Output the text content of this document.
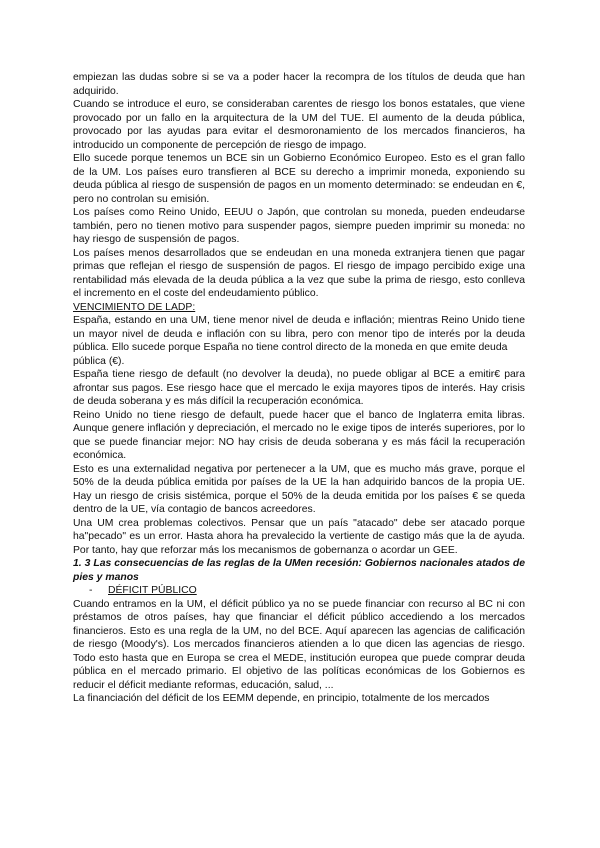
empiezan las dudas sobre si se va a poder hacer la recompra de los títulos de deuda que han adquirido.

Cuando se introduce el euro, se consideraban carentes de riesgo los bonos estatales, que viene provocado por un fallo en la arquitectura de la UM del TUE. El aumento de la deuda pública, provocado por las ayudas para evitar el desmoronamiento de los mercados financieros, ha introducido un componente de percepción de riesgo de impago.

Ello sucede porque tenemos un BCE sin un Gobierno Económico Europeo. Esto es el gran fallo de la UM. Los países euro transfieren al BCE su derecho a imprimir moneda, exponiendo su deuda pública al riesgo de suspensión de pagos en un momento determinado: se endeudan en €, pero no controlan su emisión.

Los países como Reino Unido, EEUU o Japón, que controlan su moneda, pueden endeudarse también, pero no tienen motivo para suspender pagos, siempre pueden imprimir su moneda: no hay riesgo de suspensión de pagos.

Los países menos desarrollados que se endeudan en una moneda extranjera tienen que pagar primas que reflejan el riesgo de suspensión de pagos. El riesgo de impago percibido exige una rentabilidad más elevada de la deuda pública a la vez que sube la prima de riesgo, esto conlleva el incremento en el coste del endeudamiento público.

VENCIMIENTO DE LADP:

España, estando en una UM, tiene menor nivel de deuda e inflación; mientras Reino Unido tiene un mayor nivel de deuda e inflación con su libra, pero con menor tipo de interés por la deuda pública. Ello sucede porque España no tiene control directo de la moneda en que emite deuda

pública (€).

España tiene riesgo de default (no devolver la deuda), no puede obligar al BCE a emitir€ para afrontar sus pagos. Ese riesgo hace que el mercado le exija mayores tipos de interés. Hay crisis de deuda soberana y es más difícil la recuperación económica.

Reino Unido no tiene riesgo de default, puede hacer que el banco de Inglaterra emita libras. Aunque genere inflación y depreciación, el mercado no le exige tipos de interés superiores, por lo que se puede financiar mejor: NO hay crisis de deuda soberana y es más fácil la recuperación económica.

Esto es una externalidad negativa por pertenecer a la UM, que es mucho más grave, porque el 50% de la deuda pública emitida por países de la UE la han adquirido bancos de la propia UE. Hay un riesgo de crisis sistémica, porque el 50% de la deuda emitida por los países € se queda dentro de la UE, vía contagio de bancos acreedores.

Una UM crea problemas colectivos. Pensar que un país "atacado" debe ser atacado porque ha"pecado" es un error. Hasta ahora ha prevalecido la vertiente de castigo más que la de ayuda. Por tanto, hay que reforzar más los mecanismos de gobernanza o acordar un GEE.

1. 3 Las consecuencias de las reglas de la UMen recesión: Gobiernos nacionales atados de pies y manos

-	DÉFICIT PÚBLICO

Cuando entramos en la UM, el déficit público ya no se puede financiar con recurso al BC ni con préstamos de otros países, hay que financiar el déficit público accediendo a los mercados financieros. Esto es una regla de la UM, no del BCE. Aquí aparecen las agencias de calificación de riesgo (Moody's). Los mercados financieros atienden a lo que dicen las agencias de riesgo. Todo esto hasta que en Europa se crea el MEDE, institución europea que puede comprar deuda pública en el mercado primario. El objetivo de las políticas económicas de los Gobiernos es reducir el déficit mediante reformas, educación, salud, ...

La financiación del déficit de los EEMM depende, en principio, totalmente de los mercados
